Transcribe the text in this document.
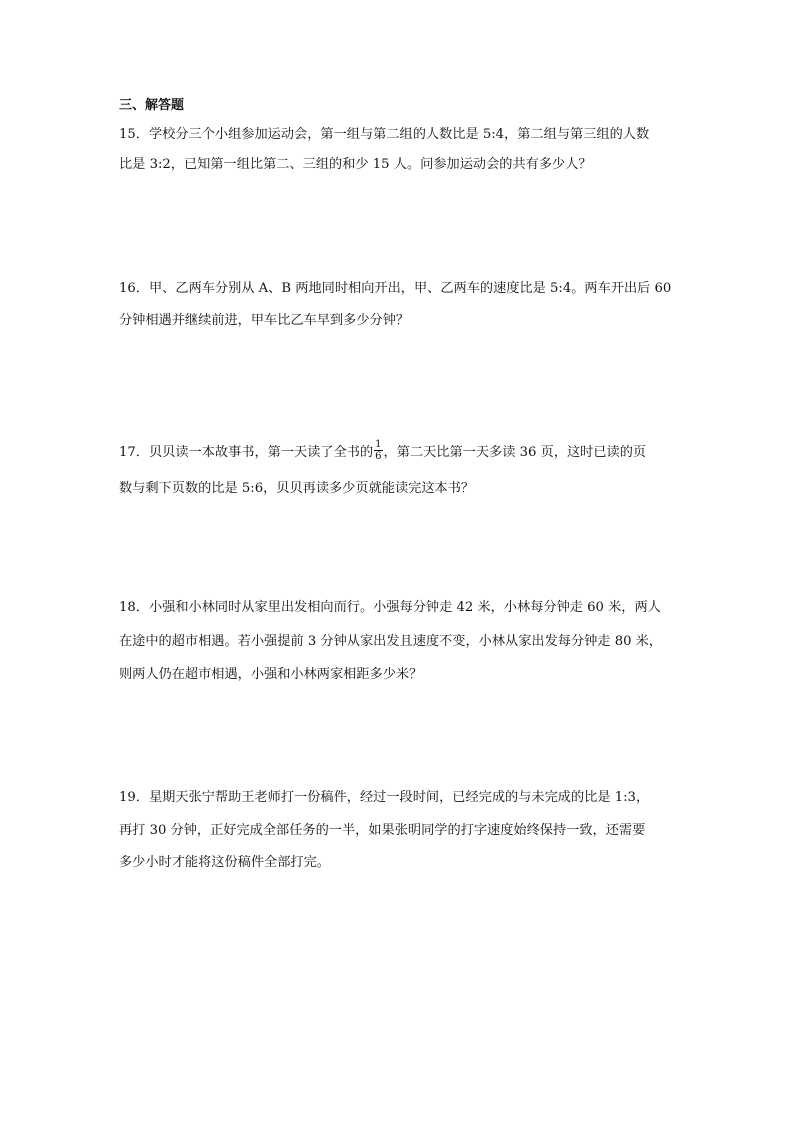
三、解答题
15．学校分三个小组参加运动会，第一组与第二组的人数比是 5:4，第二组与第三组的人数
比是 3:2，已知第一组比第二、三组的和少 15 人。问参加运动会的共有多少人？
16．甲、乙两车分别从 A、B 两地同时相向开出，甲、乙两车的速度比是 5:4。两车开出后 60
分钟相遇并继续前进，甲车比乙车早到多少分钟？
17．贝贝读一本故事书，第一天读了全书的 $\frac{1}{6}$ ，第二天比第一天多读 36 页，这时已读的页
数与剩下页数的比是 5:6，贝贝再读多少页就能读完这本书？
18．小强和小林同时从家里出发相向而行。小强每分钟走 42 米，小林每分钟走 60 米，两人
在途中的超市相遇。若小强提前 3 分钟从家出发且速度不变，小林从家出发每分钟走 80 米，
则两人仍在超市相遇，小强和小林两家相距多少米？
19．星期天张宁帮助王老师打一份稿件，经过一段时间，已经完成的与未完成的比是 1:3，
再打 30 分钟，正好完成全部任务的一半，如果张明同学的打字速度始终保持一致，还需要
多少小时才能将这份稿件全部打完。
